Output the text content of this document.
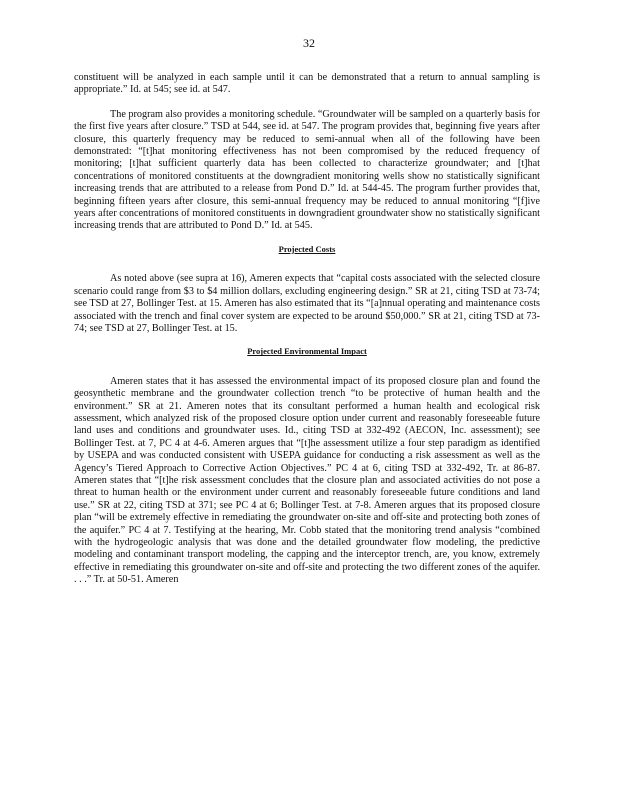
32

constituent will be analyzed in each sample until it can be demonstrated that a return to annual sampling is appropriate.” Id. at 545; see id. at 547.

The program also provides a monitoring schedule. “Groundwater will be sampled on a quarterly basis for the first five years after closure.” TSD at 544, see id. at 547. The program provides that, beginning five years after closure, this quarterly frequency may be reduced to semi-annual when all of the following have been demonstrated: “[t]hat monitoring effectiveness has not been compromised by the reduced frequency of monitoring; [t]hat sufficient quarterly data has been collected to characterize groundwater; and [t]hat concentrations of monitored constituents at the downgradient monitoring wells show no statistically significant increasing trends that are attributed to a release from Pond D.” Id. at 544-45. The program further provides that, beginning fifteen years after closure, this semi-annual frequency may be reduced to annual monitoring “[f]ive years after concentrations of monitored constituents in downgradient groundwater show no statistically significant increasing trends that are attributed to Pond D.” Id. at 545.

Projected Costs

As noted above (see supra at 16), Ameren expects that “capital costs associated with the selected closure scenario could range from $3 to $4 million dollars, excluding engineering design.” SR at 21, citing TSD at 73-74; see TSD at 27, Bollinger Test. at 15. Ameren has also estimated that its “[a]nnual operating and maintenance costs associated with the trench and final cover system are expected to be around $50,000.” SR at 21, citing TSD at 73-74; see TSD at 27, Bollinger Test. at 15.

Projected Environmental Impact

Ameren states that it has assessed the environmental impact of its proposed closure plan and found the geosynthetic membrane and the groundwater collection trench “to be protective of human health and the environment.” SR at 21. Ameren notes that its consultant performed a human health and ecological risk assessment, which analyzed risk of the proposed closure option under current and reasonably foreseeable future land uses and conditions and groundwater uses. Id., citing TSD at 332-492 (AECON, Inc. assessment); see Bollinger Test. at 7, PC 4 at 4-6. Ameren argues that “[t]he assessment utilize a four step paradigm as identified by USEPA and was conducted consistent with USEPA guidance for conducting a risk assessment as well as the Agency’s Tiered Approach to Corrective Action Objectives.” PC 4 at 6, citing TSD at 332-492, Tr. at 86-87. Ameren states that “[t]he risk assessment concludes that the closure plan and associated activities do not pose a threat to human health or the environment under current and reasonably foreseeable future conditions and land use.” SR at 22, citing TSD at 371; see PC 4 at 6; Bollinger Test. at 7-8. Ameren argues that its proposed closure plan “will be extremely effective in remediating the groundwater on-site and off-site and protecting both zones of the aquifer.” PC 4 at 7. Testifying at the hearing, Mr. Cobb stated that the monitoring trend analysis “combined with the hydrogeologic analysis that was done and the detailed groundwater flow modeling, the predictive modeling and contaminant transport modeling, the capping and the interceptor trench, are, you know, extremely effective in remediating this groundwater on-site and off-site and protecting the two different zones of the aquifer. . . .” Tr. at 50-51. Ameren
